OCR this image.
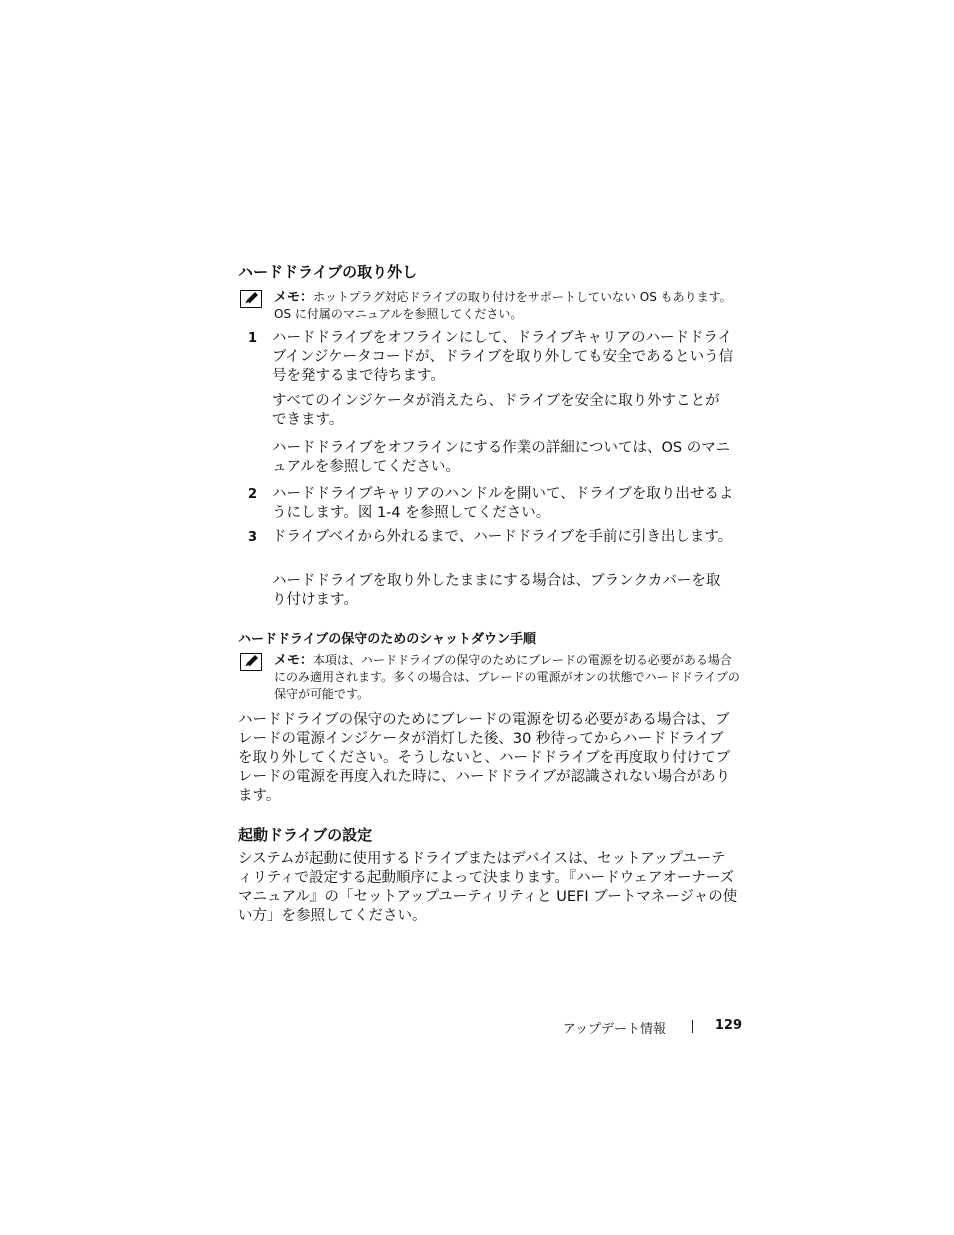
ハードドライブの取り外し
メモ：ホットプラグ対応ドライブの取り付けをサポートしていない OS もあります。OS に付属のマニュアルを参照してください。
1 ハードドライブをオフラインにして、ドライブキャリアのハードドライブインジケータコードが、ドライブを取り外しても安全であるという信号を発するまで待ちます。
すべてのインジケータが消えたら、ドライブを安全に取り外すことができます。
ハードドライブをオフラインにする作業の詳細については、OS のマニュアルを参照してください。
2 ハードドライブキャリアのハンドルを開いて、ドライブを取り出せるようにします。図 1-4 を参照してください。
3 ドライブベイから外れるまで、ハードドライブを手前に引き出します。
ハードドライブを取り外したままにする場合は、ブランクカバーを取り付けます。
ハードドライブの保守のためのシャットダウン手順
メモ：本項は、ハードドライブの保守のためにブレードの電源を切る必要がある場合にのみ適用されます。多くの場合は、ブレードの電源がオンの状態でハードドライブの保守が可能です。
ハードドライブの保守のためにブレードの電源を切る必要がある場合は、ブレードの電源インジケータが消灯した後、30 秒待ってからハードドライブを取り外してください。そうしないと、ハードドライブを再度取り付けてブレードの電源を再度入れた時に、ハードドライブが認識されない場合があります。
起動ドライブの設定
システムが起動に使用するドライブまたはデバイスは、セットアップユーティリティで設定する起動順序によって決まります。『ハードウェアオーナーズマニュアル』の「セットアップユーティリティと UEFI ブートマネージャの使い方」を参照してください。
アップデート情報	129
